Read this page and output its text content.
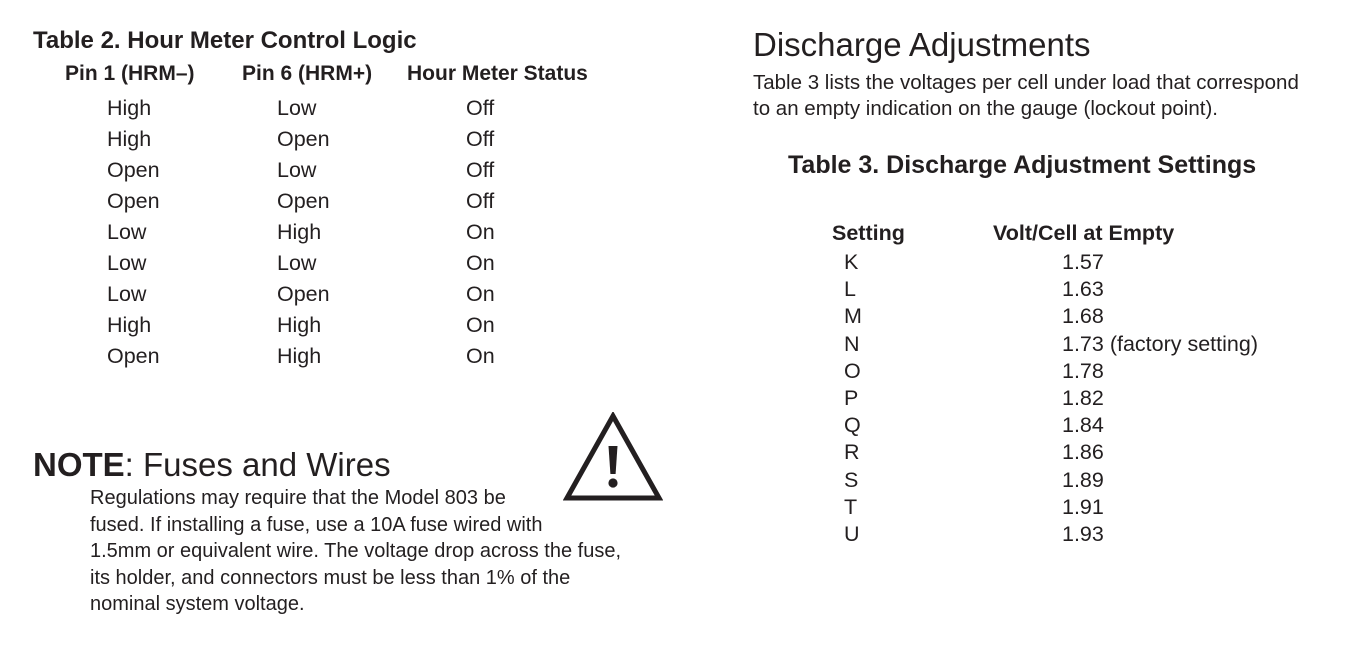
Table 2. Hour Meter Control Logic
Pin 1 (HRM–) Pin 6 (HRM+) Hour Meter Status
High
High
Open
Open
Low
Low
Low
High
Open
Low
Open
Low
Open
High
Low
Open
High
High
Off
Off
Off
Off
On
On
On
On
On
NOTE: Fuses and Wires
Regulations may require that the Model 803 be
fused. If installing a fuse, use a 10A fuse wired with
1.5mm or equivalent wire. The voltage drop across the fuse,
its holder, and connectors must be less than 1% of the
nominal system voltage.
Discharge Adjustments
Table 3 lists the voltages per cell under load that correspond
to an empty indication on the gauge (lockout point).
Table 3. Discharge Adjustment Settings
Setting	Volt/Cell at Empty
K
L
M
N
O
P
Q
R
S
T
U
1.57
1.63
1.68
1.73 (factory setting)
1.78
1.82
1.84
1.86
1.89
1.91
1.93
